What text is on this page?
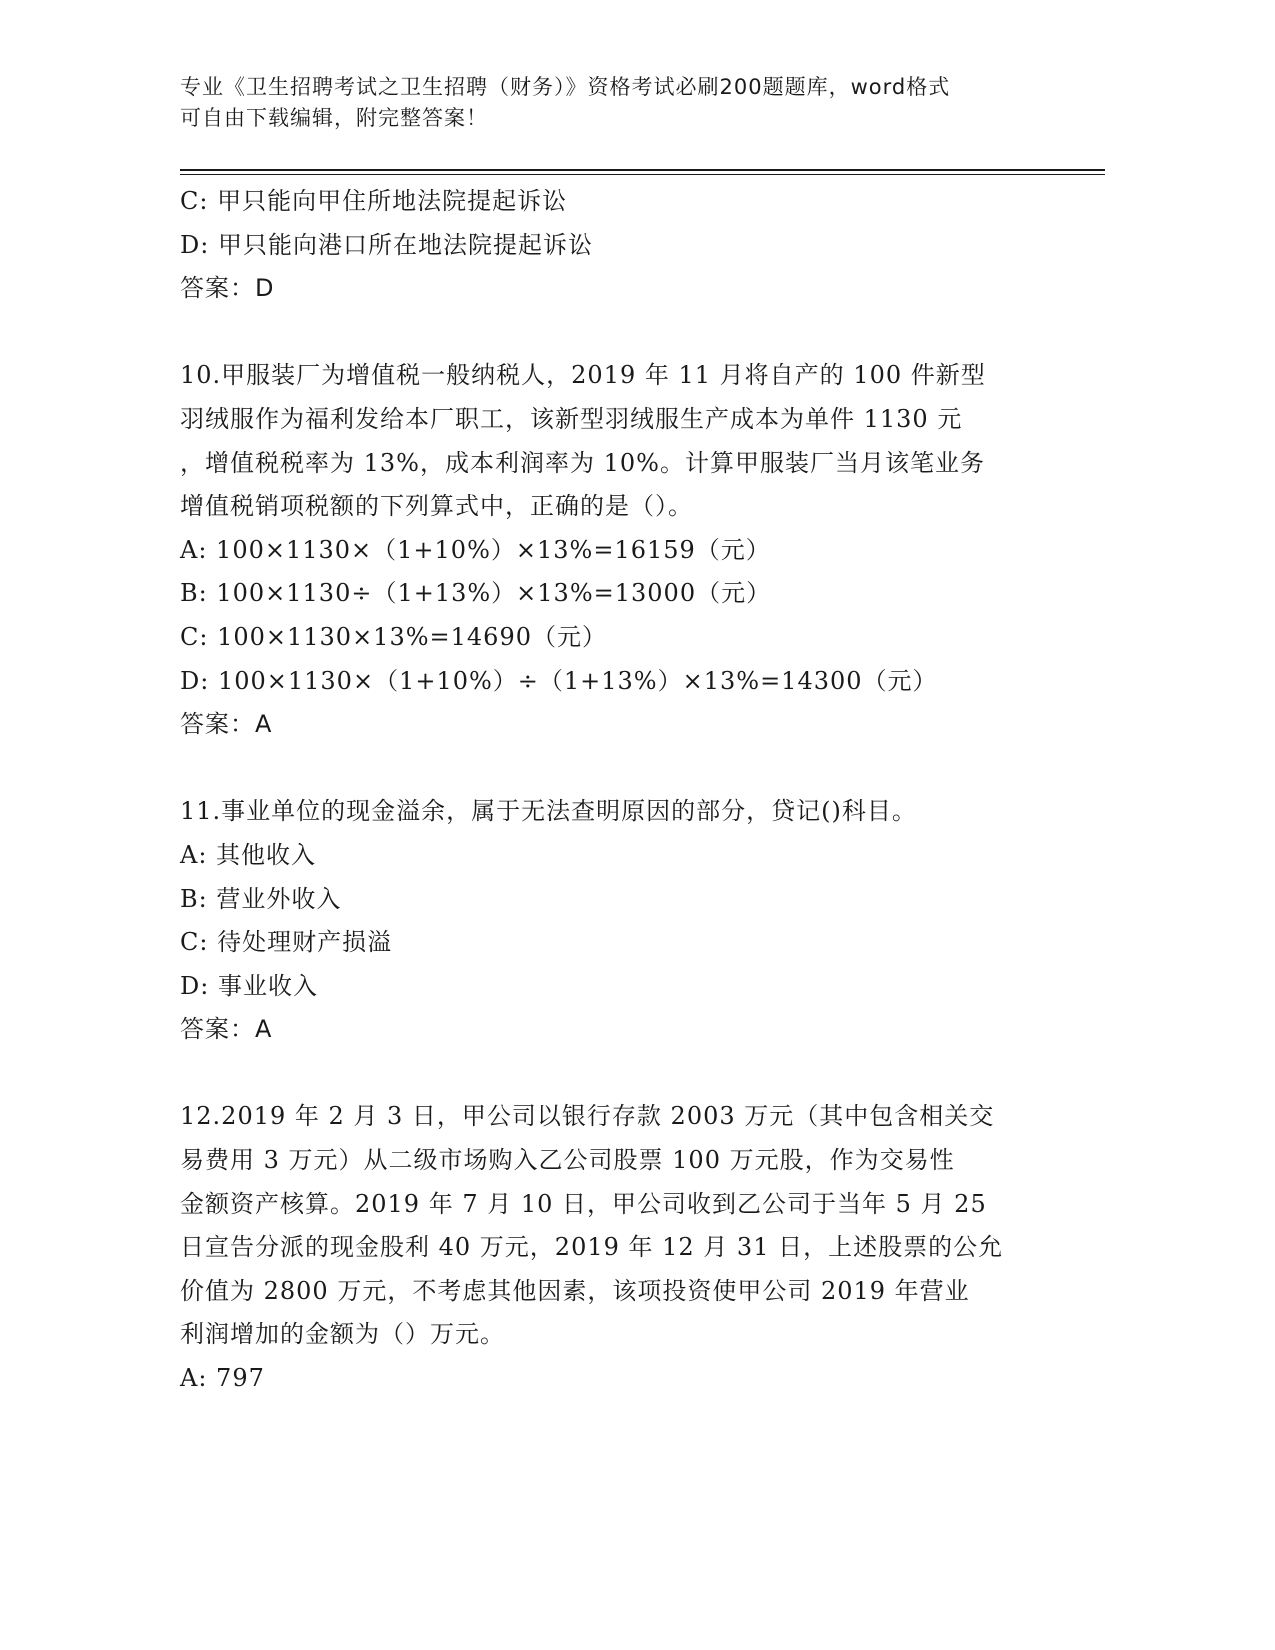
专业《卫生招聘考试之卫生招聘（财务）》资格考试必刷200题题库，word格式
可自由下载编辑，附完整答案！
C: 甲只能向甲住所地法院提起诉讼
D: 甲只能向港口所在地法院提起诉讼
答案：D
10.甲服装厂为增值税一般纳税人，2019 年 11 月将自产的 100 件新型
羽绒服作为福利发给本厂职工，该新型羽绒服生产成本为单件 1130 元
，增值税税率为 13%，成本利润率为 10%。计算甲服装厂当月该笔业务
增值税销项税额的下列算式中，正确的是（）。
A: 100×1130×（1+10%）×13%=16159（元）
B: 100×1130÷（1+13%）×13%=13000（元）
C: 100×1130×13%=14690（元）
D: 100×1130×（1+10%）÷（1+13%）×13%=14300（元）
答案：A
11.事业单位的现金溢余，属于无法查明原因的部分，贷记()科目。
A: 其他收入
B: 营业外收入
C: 待处理财产损溢
D: 事业收入
答案：A
12.2019 年 2 月 3 日，甲公司以银行存款 2003 万元（其中包含相关交
易费用 3 万元）从二级市场购入乙公司股票 100 万元股，作为交易性
金额资产核算。2019 年 7 月 10 日，甲公司收到乙公司于当年 5 月 25
日宣告分派的现金股利 40 万元，2019 年 12 月 31 日，上述股票的公允
价值为 2800 万元，不考虑其他因素，该项投资使甲公司 2019 年营业
利润增加的金额为（）万元。
A: 797
